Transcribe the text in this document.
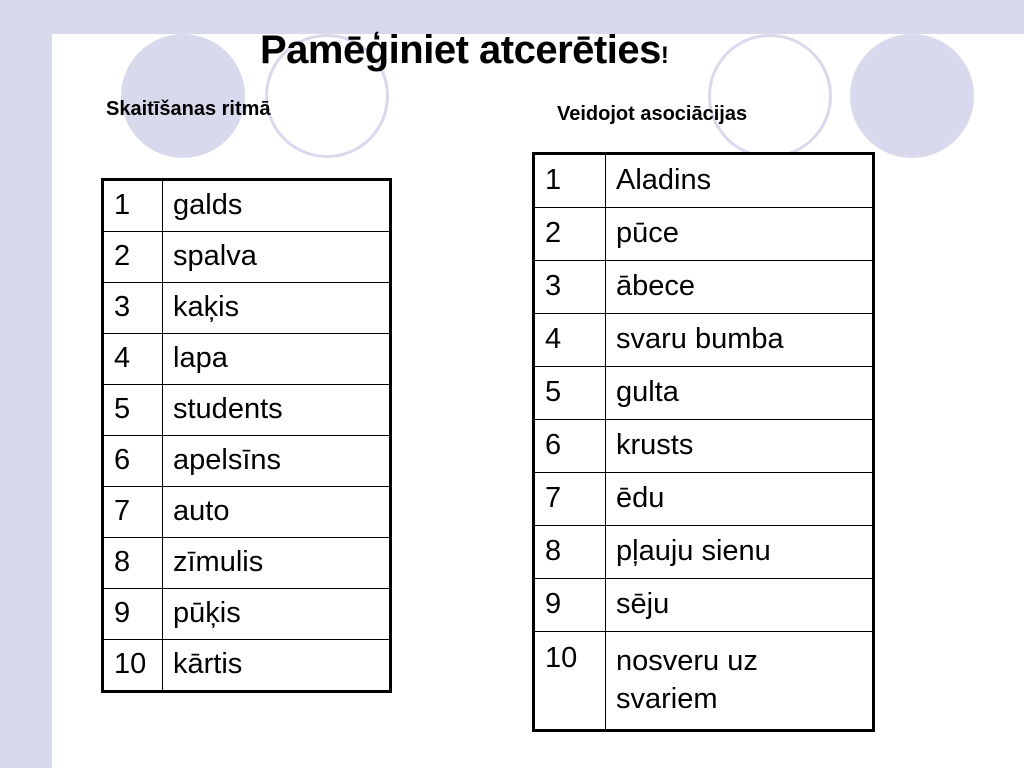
Pamēģiniet atcerēties!
Skaitīšanas ritmā	Veidojot asociācijas
1	galds
2	spalva
3	kaķis
4	lapa
5	students
6	apelsīns
7	auto
8	zīmulis
9	pūķis
10	kārtis
1	Aladins
2	pūce
3	ābece
4	svaru bumba
5	gulta
6	krusts
7	ēdu
8	pļauju sienu
9	sēju
10	nosveru uz svariem
